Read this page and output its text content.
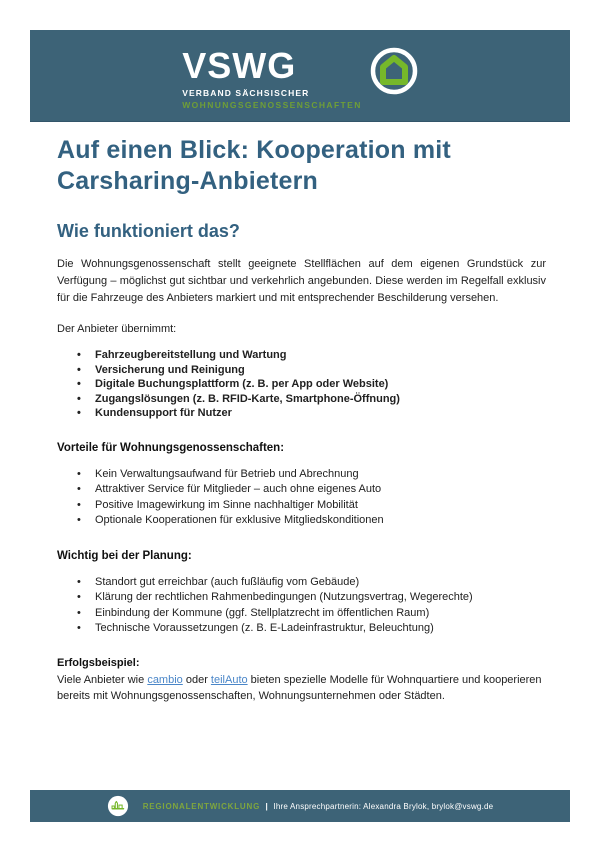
VSWG
VERBAND SÄCHSISCHER
WOHNUNGSGENOSSENSCHAFTEN
Auf einen Blick: Kooperation mit Carsharing-Anbietern
Wie funktioniert das?

Die Wohnungsgenossenschaft stellt geeignete Stellflächen auf dem eigenen Grundstück zur Verfügung – möglichst gut sichtbar und verkehrlich angebunden. Diese werden im Regelfall exklusiv für die Fahrzeuge des Anbieters markiert und mit entsprechender Beschilderung versehen.

Der Anbieter übernimmt:

• Fahrzeugbereitstellung und Wartung
• Versicherung und Reinigung
• Digitale Buchungsplattform (z. B. per App oder Website)
• Zugangslösungen (z. B. RFID-Karte, Smartphone-Öffnung)
• Kundensupport für Nutzer
Vorteile für Wohnungsgenossenschaften:
• Kein Verwaltungsaufwand für Betrieb und Abrechnung
• Attraktiver Service für Mitglieder – auch ohne eigenes Auto
• Positive Imagewirkung im Sinne nachhaltiger Mobilität
• Optionale Kooperationen für exklusive Mitgliedskonditionen
Wichtig bei der Planung:
• Standort gut erreichbar (auch fußläufig vom Gebäude)
• Klärung der rechtlichen Rahmenbedingungen (Nutzungsvertrag, Wegerechte)
• Einbindung der Kommune (ggf. Stellplatzrecht im öffentlichen Raum)
• Technische Voraussetzungen (z. B. E-Ladeinfrastruktur, Beleuchtung)
Erfolgsbeispiel:

Viele Anbieter wie cambio oder teilAuto bieten spezielle Modelle für Wohnquartiere und kooperieren bereits mit Wohnungsgenossenschaften, Wohnungsunternehmen oder Städten.

REGIONALENTWICKLUNG | Ihre Ansprechpartnerin: Alexandra Brylok, brylok@vswg.de
